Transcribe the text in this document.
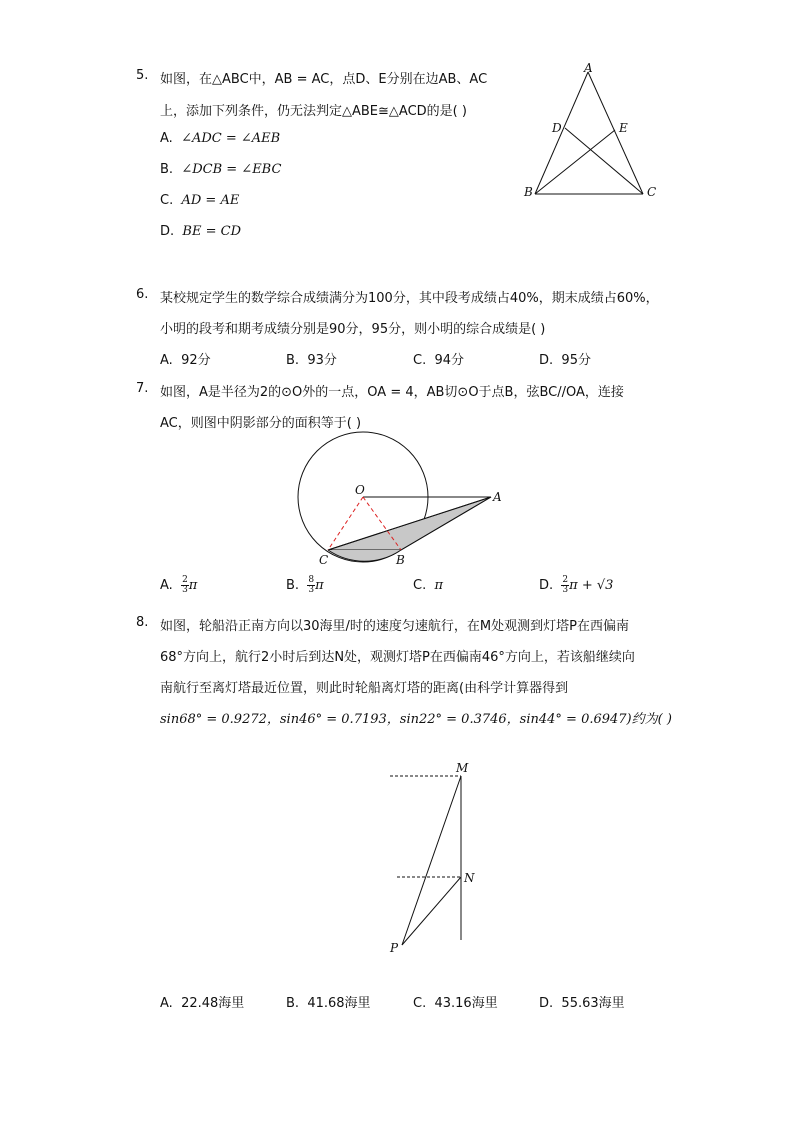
5. 如图，在△ABC中，AB = AC，点D、E分别在边AB、AC
上，添加下列条件，仍无法判定△ABE≅△ACD的是( )
A. ∠ADC = ∠AEB
B. ∠DCB = ∠EBC
C. AD = AE
D. BE = CD
A
B	C
D	E
6. 某校规定学生的数学综合成绩满分为100分，其中段考成绩占40%，期末成绩占60%，
小明的段考和期考成绩分别是90分，95分，则小明的综合成绩是( )
A. 92分	B. 93分	C. 94分	D. 95分
7. 如图，A是半径为2的⊙O外的一点，OA = 4，AB切⊙O于点B，弦BC//OA，连接
AC，则图中阴影部分的面积等于( )
O	A
B
C
A. $\frac{2}{3}$ π	B. $\frac{8}{3}$ π	C. π	D. $\frac{2}{3}$ π + √3
8. 如图，轮船沿正南方向以30海里/时的速度匀速航行，在M处观测到灯塔P在西偏南
68°方向上，航行2小时后到达N处，观测灯塔P在西偏南46°方向上，若该船继续向
南航行至离灯塔最近位置，则此时轮船离灯塔的距离(由科学计算器得到
sin68° = 0.9272，sin46° = 0.7193，sin22° = 0.3746，sin44° = 0.6947)约为( )
M
N
P
A. 22.48海里	B. 41.68海里	C. 43.16海里	D. 55.63海里
